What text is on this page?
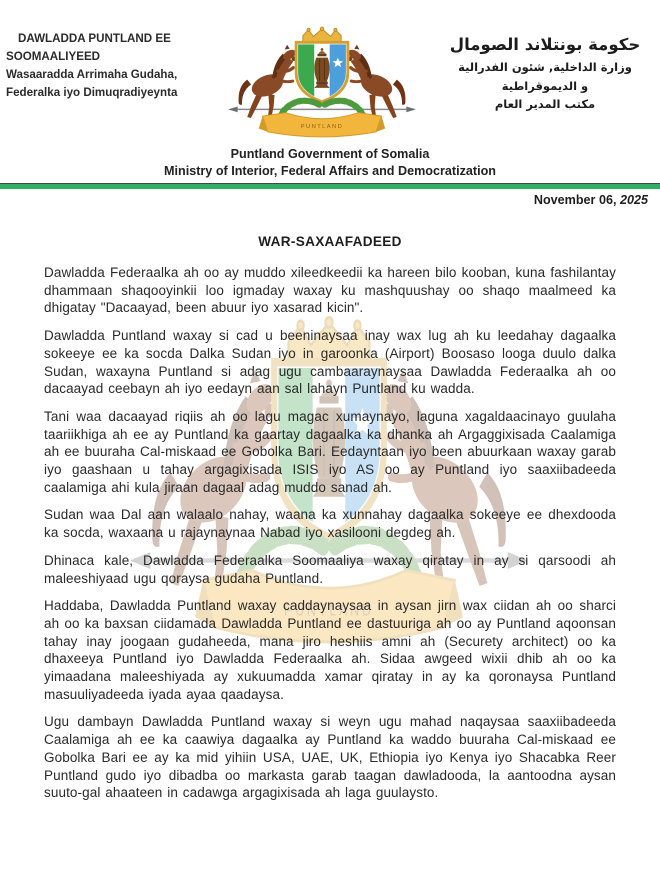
DAWLADDA PUNTLAND EE
SOOMAALIYEED
Wasaaradda Arrimaha Gudaha,
Federalka iyo Dimuqradiyeynta
حكومة بونتلاند الصومال
وزارة الداخلية, شئون الفدرالية
و الديموقراطية
مكتب المدير العام
Puntland Government of Somalia
Ministry of Interior, Federal Affairs and Democratization
November 06, 2025
WAR-SAXAAFADEED

Dawladda Federaalka ah oo ay muddo xileedkeedii ka hareen bilo kooban, kuna fashilantay dhammaan shaqooyinkii loo igmaday waxay ku mashquushay oo shaqo maalmeed ka dhigatay "Dacaayad, been abuur iyo xasarad kicin".

Dawladda Puntland waxay si cad u beeninaysaa inay wax lug ah ku leedahay dagaalka sokeeye ee ka socda Dalka Sudan iyo in garoonka (Airport) Boosaso looga duulo dalka Sudan, waxayna Puntland si adag ugu cambaaraynaysaa Dawladda Federaalka ah oo dacaayad ceebayn ah iyo eedayn aan sal lahayn Puntland ku wadda.

Tani waa dacaayad riqiis ah oo lagu magac xumaynayo, laguna xagaldaacinayo guulaha taariikhiga ah ee ay Puntland ka gaartay dagaalka ka dhanka ah Argaggixisada Caalamiga ah ee buuraha Cal-miskaad ee Gobolka Bari. Eedayntaan iyo been abuurkaan waxay garab iyo gaashaan u tahay argagixisada ISIS iyo AS oo ay Puntland iyo saaxiibadeeda caalamiga ahi kula jiraan dagaal adag muddo sanad ah.

Sudan waa Dal aan walaalo nahay, waana ka xunnahay dagaalka sokeeye ee dhexdooda ka socda, waxaana u rajaynaynaa Nabad iyo xasilooni degdeg ah.

Dhinaca kale, Dawladda Federaalka Soomaaliya waxay qiratay in ay si qarsoodi ah maleeshiyaad ugu qoraysa gudaha Puntland.

Haddaba, Dawladda Puntland waxay caddaynaysaa in aysan jirn wax ciidan ah oo sharci ah oo ka baxsan ciidamada Dawladda Puntland ee dastuuriga ah oo ay Puntland aqoonsan tahay inay joogaan gudaheeda, mana jiro heshiis amni ah (Securety architect) oo ka dhaxeeya Puntland iyo Dawladda Federaalka ah. Sidaa awgeed wixii dhib ah oo ka yimaadana maleeshiyada ay xukuumadda xamar qiratay in ay ka qoronaysa Puntland masuuliyadeeda iyada ayaa qaadaysa.

Ugu dambayn Dawladda Puntland waxay si weyn ugu mahad naqaysaa saaxiibadeeda Caalamiga ah ee ka caawiya dagaalka ay Puntland ka waddo buuraha Cal-miskaad ee Gobolka Bari ee ay ka mid yihiin USA, UAE, UK, Ethiopia iyo Kenya iyo Shacabka Reer Puntland gudo iyo dibadba oo markasta garab taagan dawladooda, la aantoodna aysan suuto-gal ahaateen in cadawga argagixisada ah laga guulaysto.
